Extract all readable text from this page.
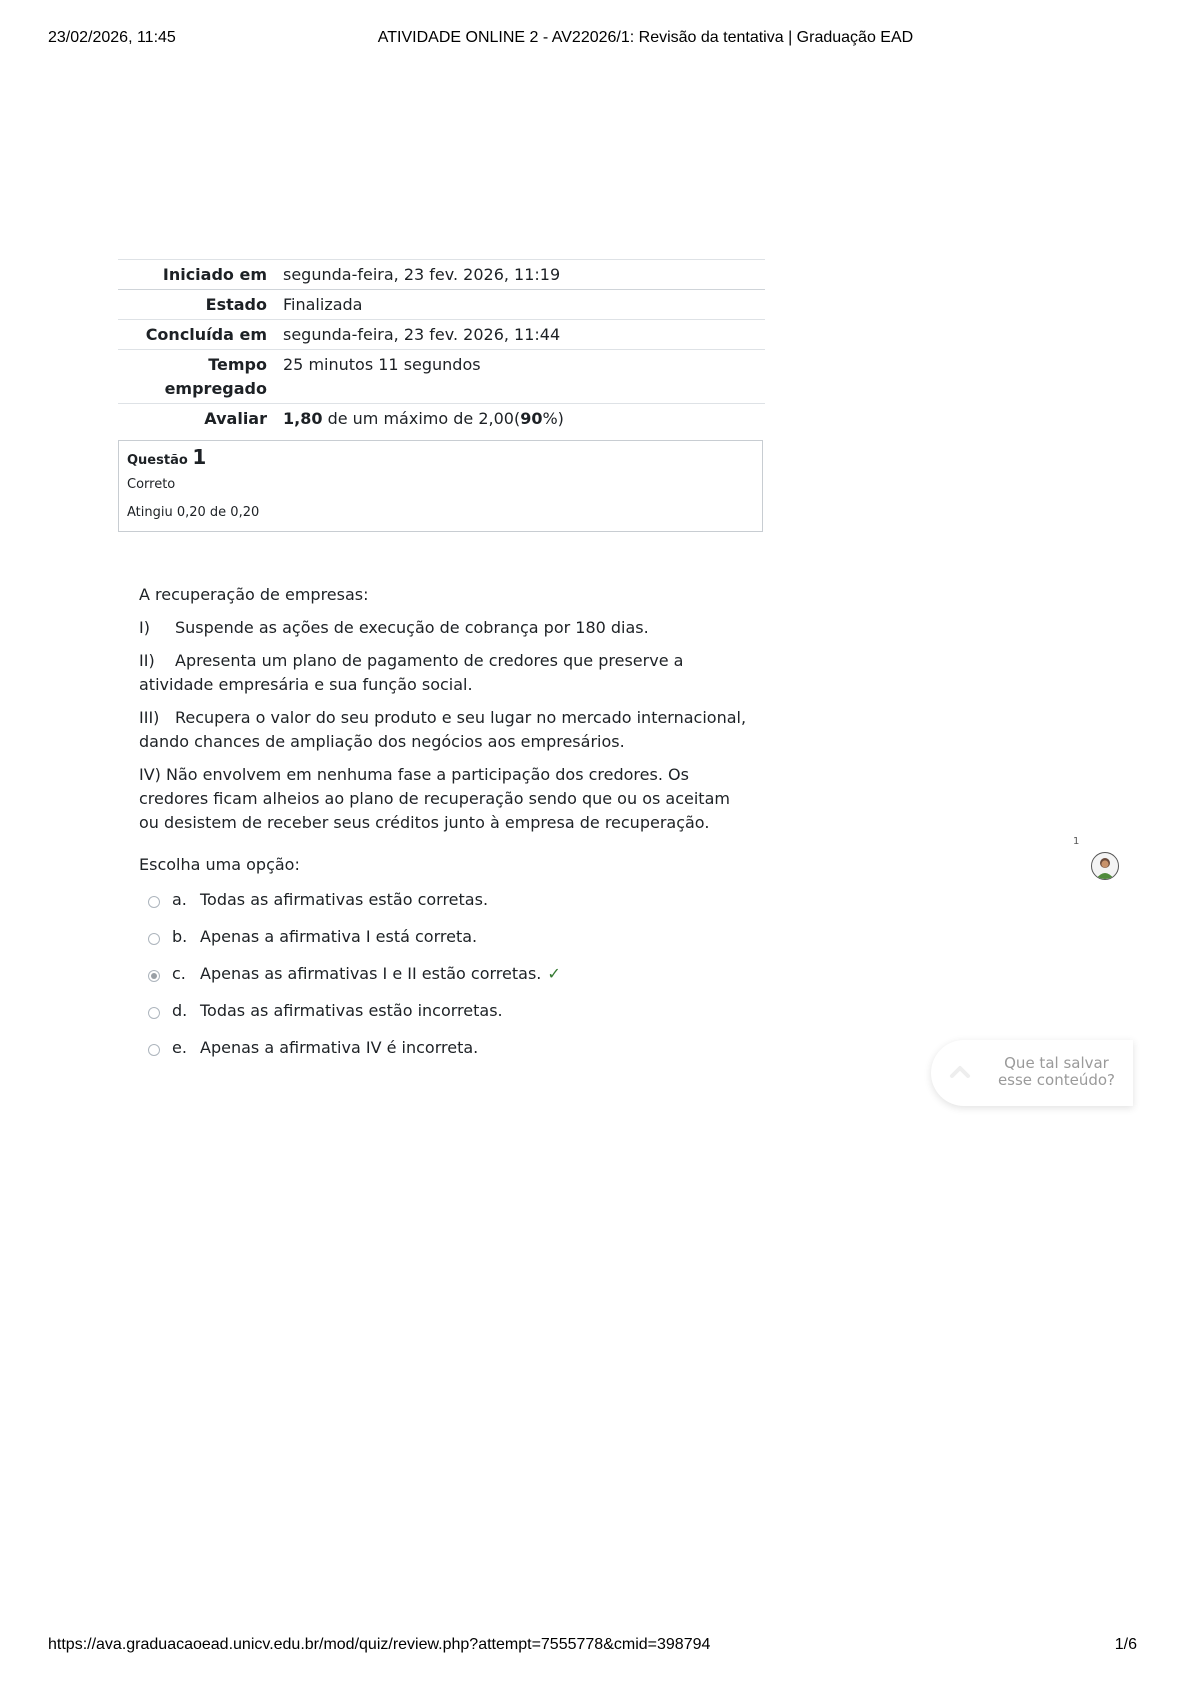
23/02/2026, 11:45	ATIVIDADE ONLINE 2 - AV22026/1: Revisão da tentativa | Graduação EAD
Iniciado em	segunda-feira, 23 fev. 2026, 11:19
Estado	Finalizada
Concluída em	segunda-feira, 23 fev. 2026, 11:44
Tempo empregado	25 minutos 11 segundos
Avaliar	1,80 de um máximo de 2,00(90%)
Questão 1
Correto
Atingiu 0,20 de 0,20

A recuperação de empresas:

I) Suspende as ações de execução de cobrança por 180 dias.

II) Apresenta um plano de pagamento de credores que preserve a atividade empresária e sua função social.

III) Recupera o valor do seu produto e seu lugar no mercado internacional, dando chances de ampliação dos negócios aos empresários.

IV) Não envolvem em nenhuma fase a participação dos credores. Os credores ficam alheios ao plano de recuperação sendo que ou os aceitam ou desistem de receber seus créditos junto à empresa de recuperação.

Escolha uma opção:
a. Todas as afirmativas estão corretas.
b. Apenas a afirmativa I está correta.
c. Apenas as afirmativas I e II estão corretas. ✓
d. Todas as afirmativas estão incorretas.
e. Apenas a afirmativa IV é incorreta.
1
Que tal salvar esse conteúdo?
https://ava.graduacaoead.unicv.edu.br/mod/quiz/review.php?attempt=7555778&cmid=398794	1/6
